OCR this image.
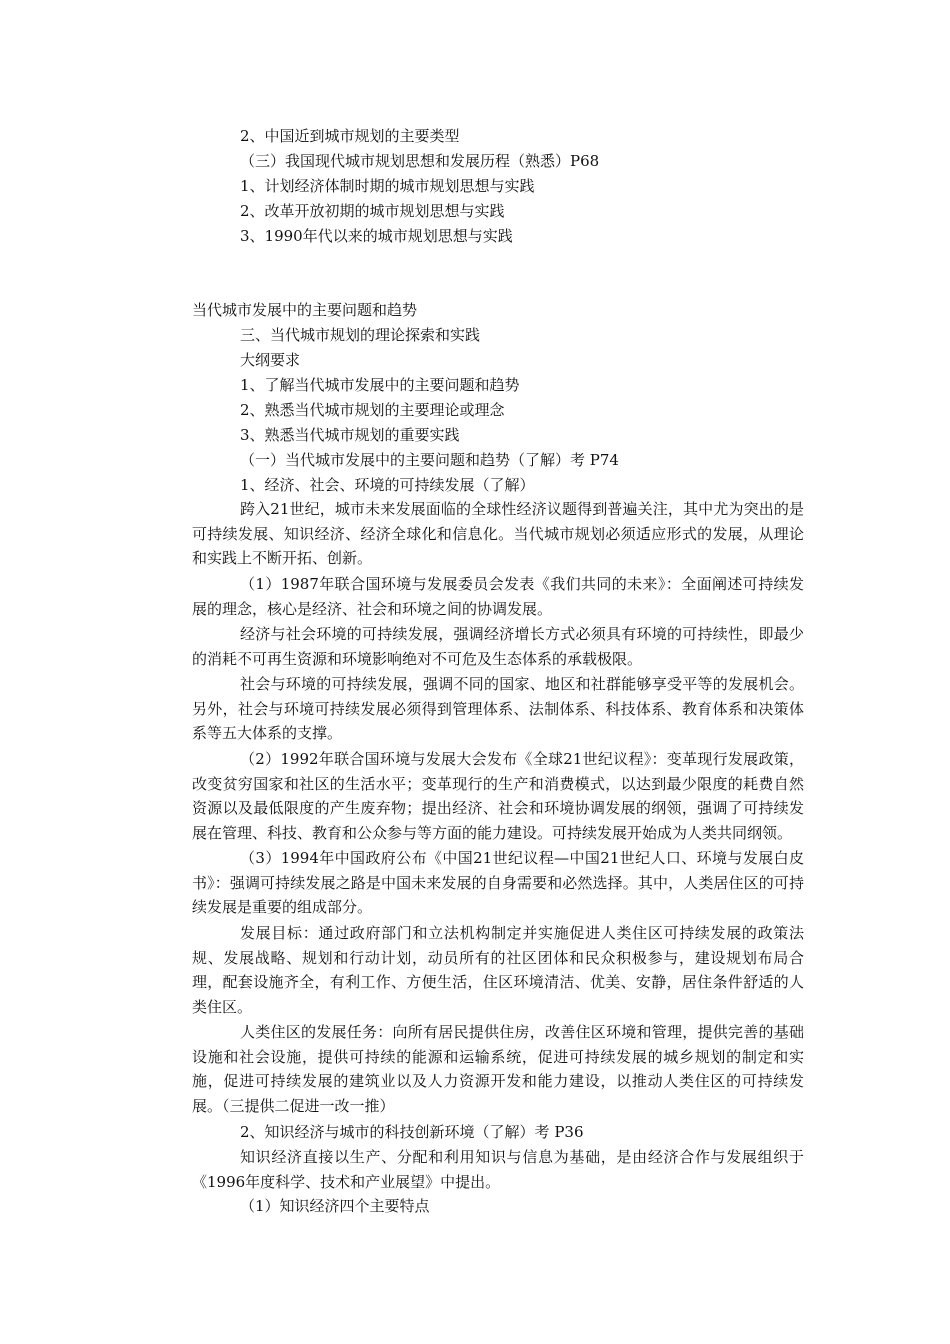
2、中国近到城市规划的主要类型
（三）我国现代城市规划思想和发展历程（熟悉）P68
1、计划经济体制时期的城市规划思想与实践
2、改革开放初期的城市规划思想与实践
3、1990年代以来的城市规划思想与实践
当代城市发展中的主要问题和趋势
三、当代城市规划的理论探索和实践
大纲要求
1、了解当代城市发展中的主要问题和趋势
2、熟悉当代城市规划的主要理论或理念
3、熟悉当代城市规划的重要实践
（一）当代城市发展中的主要问题和趋势（了解）考 P74
1、经济、社会、环境的可持续发展（了解）

跨入21世纪，城市未来发展面临的全球性经济议题得到普遍关注，其中尤为突出的是可持续发展、知识经济、经济全球化和信息化。当代城市规划必须适应形式的发展，从理论和实践上不断开拓、创新。

（1）1987年联合国环境与发展委员会发表《我们共同的未来》：全面阐述可持续发展的理念，核心是经济、社会和环境之间的协调发展。

经济与社会环境的可持续发展，强调经济增长方式必须具有环境的可持续性，即最少的消耗不可再生资源和环境影响绝对不可危及生态体系的承载极限。

社会与环境的可持续发展，强调不同的国家、地区和社群能够享受平等的发展机会。另外，社会与环境可持续发展必须得到管理体系、法制体系、科技体系、教育体系和决策体系等五大体系的支撑。

（2）1992年联合国环境与发展大会发布《全球21世纪议程》：变革现行发展政策，改变贫穷国家和社区的生活水平；变革现行的生产和消费模式，以达到最少限度的耗费自然资源以及最低限度的产生废弃物；提出经济、社会和环境协调发展的纲领，强调了可持续发展在管理、科技、教育和公众参与等方面的能力建设。可持续发展开始成为人类共同纲领。

（3）1994年中国政府公布《中国21世纪议程—中国21世纪人口、环境与发展白皮书》：强调可持续发展之路是中国未来发展的自身需要和必然选择。其中，人类居住区的可持续发展是重要的组成部分。

发展目标：通过政府部门和立法机构制定并实施促进人类住区可持续发展的政策法规、发展战略、规划和行动计划，动员所有的社区团体和民众积极参与，建设规划布局合理，配套设施齐全，有利工作、方便生活，住区环境清洁、优美、安静，居住条件舒适的人类住区。

人类住区的发展任务：向所有居民提供住房，改善住区环境和管理，提供完善的基础设施和社会设施，提供可持续的能源和运输系统，促进可持续发展的城乡规划的制定和实施，促进可持续发展的建筑业以及人力资源开发和能力建设，以推动人类住区的可持续发展。（三提供二促进一改一推）

2、知识经济与城市的科技创新环境（了解）考 P36

知识经济直接以生产、分配和利用知识与信息为基础，是由经济合作与发展组织于《1996年度科学、技术和产业展望》中提出。

（1）知识经济四个主要特点
